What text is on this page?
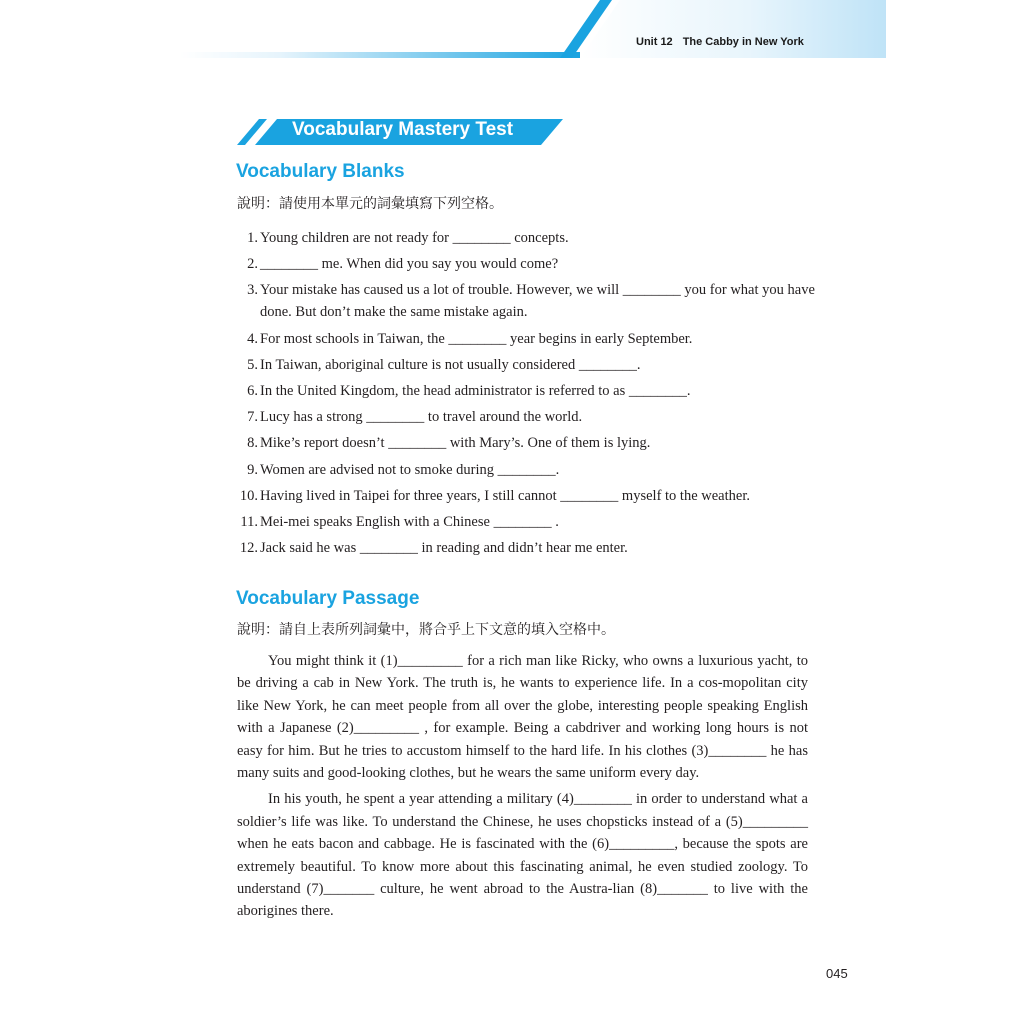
Unit 12 The Cabby in New York
Vocabulary Mastery Test
Vocabulary Blanks
說明：請使用本單元的詞彙填寫下列空格。
1. Young children are not ready for ________ concepts.
2. ________ me. When did you say you would come?
3. Your mistake has caused us a lot of trouble. However, we will ________ you for what you have done. But don’t make the same mistake again.
4. For most schools in Taiwan, the ________ year begins in early September.
5. In Taiwan, aboriginal culture is not usually considered ________.
6. In the United Kingdom, the head administrator is referred to as ________.
7. Lucy has a strong ________ to travel around the world.
8. Mike’s report doesn’t ________ with Mary’s. One of them is lying.
9. Women are advised not to smoke during ________.
10. Having lived in Taipei for three years, I still cannot ________ myself to the weather.
11. Mei-mei speaks English with a Chinese ________ .
12. Jack said he was ________ in reading and didn’t hear me enter.
Vocabulary Passage
說明：請自上表所列詞彙中，將合乎上下文意的填入空格中。

You might think it (1)_________ for a rich man like Ricky, who owns a luxurious yacht, to be driving a cab in New York. The truth is, he wants to experience life. In a cos-mopolitan city like New York, he can meet people from all over the globe, interesting people speaking English with a Japanese (2)_________ , for example. Being a cabdriver and working long hours is not easy for him. But he tries to accustom himself to the hard life. In his clothes (3)________ he has many suits and good-looking clothes, but he wears the same uniform every day.

In his youth, he spent a year attending a military (4)________ in order to understand what a soldier’s life was like. To understand the Chinese, he uses chopsticks instead of a (5)_________ when he eats bacon and cabbage. He is fascinated with the (6)_________, because the spots are extremely beautiful. To know more about this fascinating animal, he even studied zoology. To understand (7)_______ culture, he went abroad to the Austra-lian (8)_______ to live with the aborigines there.

045
